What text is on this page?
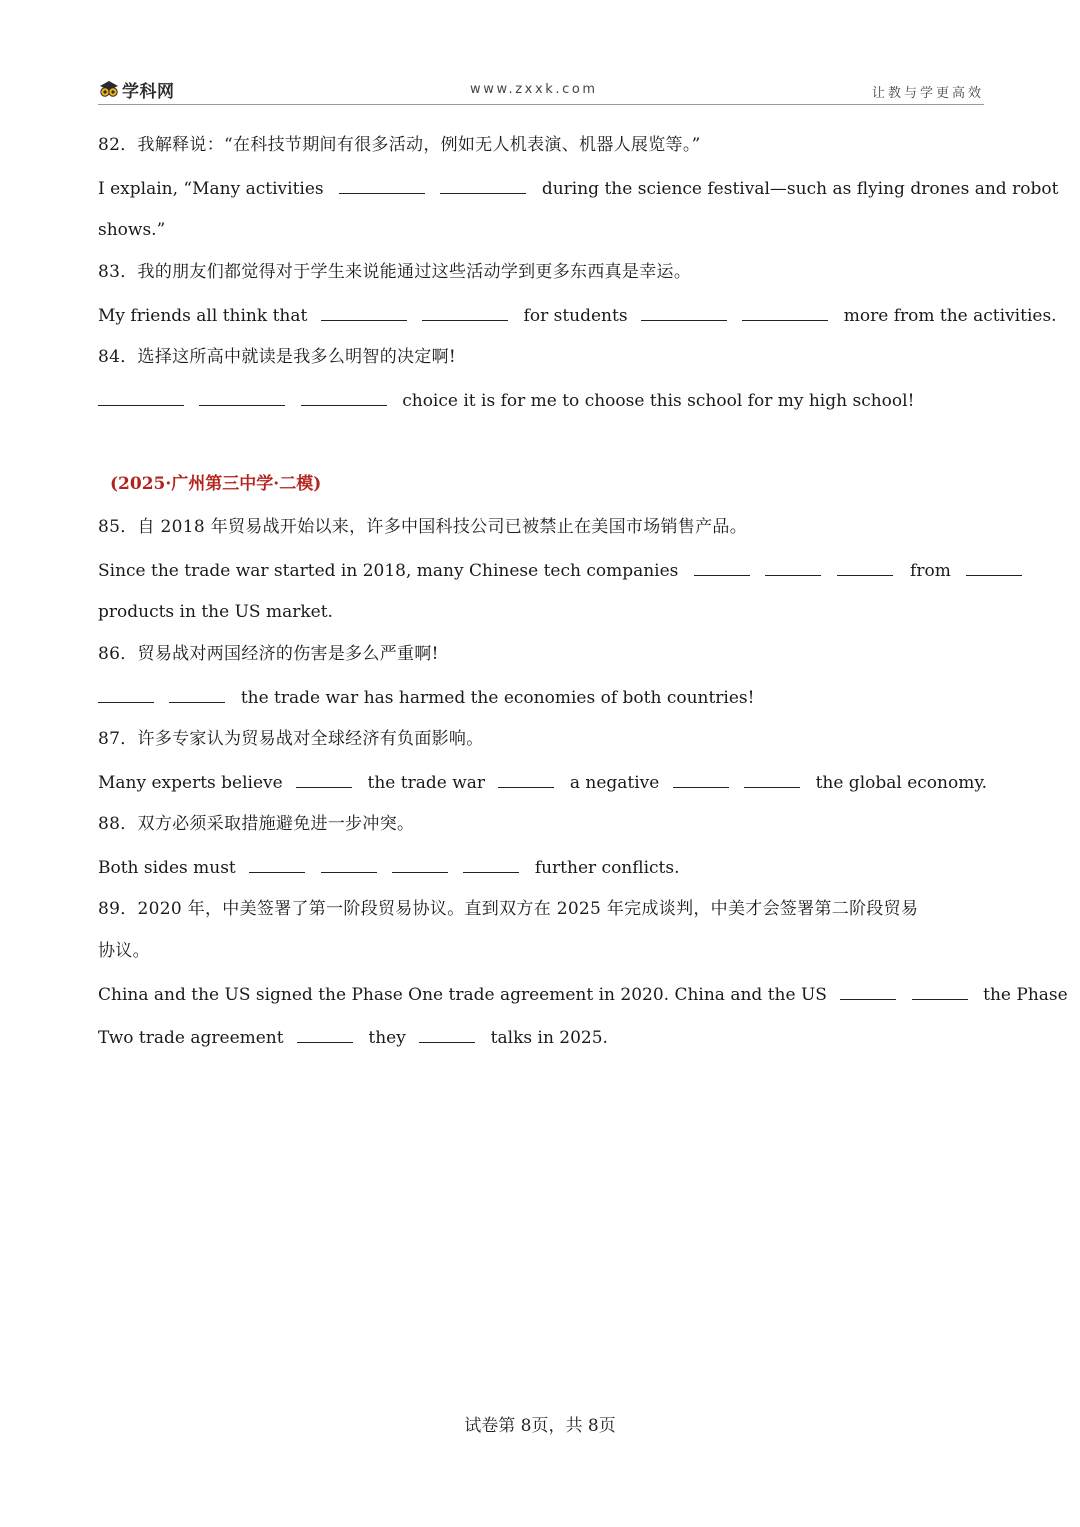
学科网	www.zxxk.com	让教与学更高效
82．我解释说：“在科技节期间有很多活动，例如无人机表演、机器人展览等。”
I explain, “Many activities	during the science festival—such as flying drones and robot
shows.”
83．我的朋友们都觉得对于学生来说能通过这些活动学到更多东西真是幸运。
My friends all think that	for students	more from the activities.
84．选择这所高中就读是我多么明智的决定啊!
choice it is for me to choose this school for my high school!
(2025·广州第三中学·二模)
85．自 2018 年贸易战开始以来，许多中国科技公司已被禁止在美国市场销售产品。
Since the trade war started in 2018, many Chinese tech companies	from
products in the US market.
86．贸易战对两国经济的伤害是多么严重啊!
the trade war has harmed the economies of both countries!
87．许多专家认为贸易战对全球经济有负面影响。
Many experts believe	the trade war	a negative	the global economy.
88．双方必须采取措施避免进一步冲突。
Both sides must	further conflicts.
89．2020 年，中美签署了第一阶段贸易协议。直到双方在 2025 年完成谈判，中美才会签署第二阶段贸易
协议。
China and the US signed the Phase One trade agreement in 2020. China and the US	the Phase
Two trade agreement	they	talks in 2025.
试卷第 8页，共 8页
